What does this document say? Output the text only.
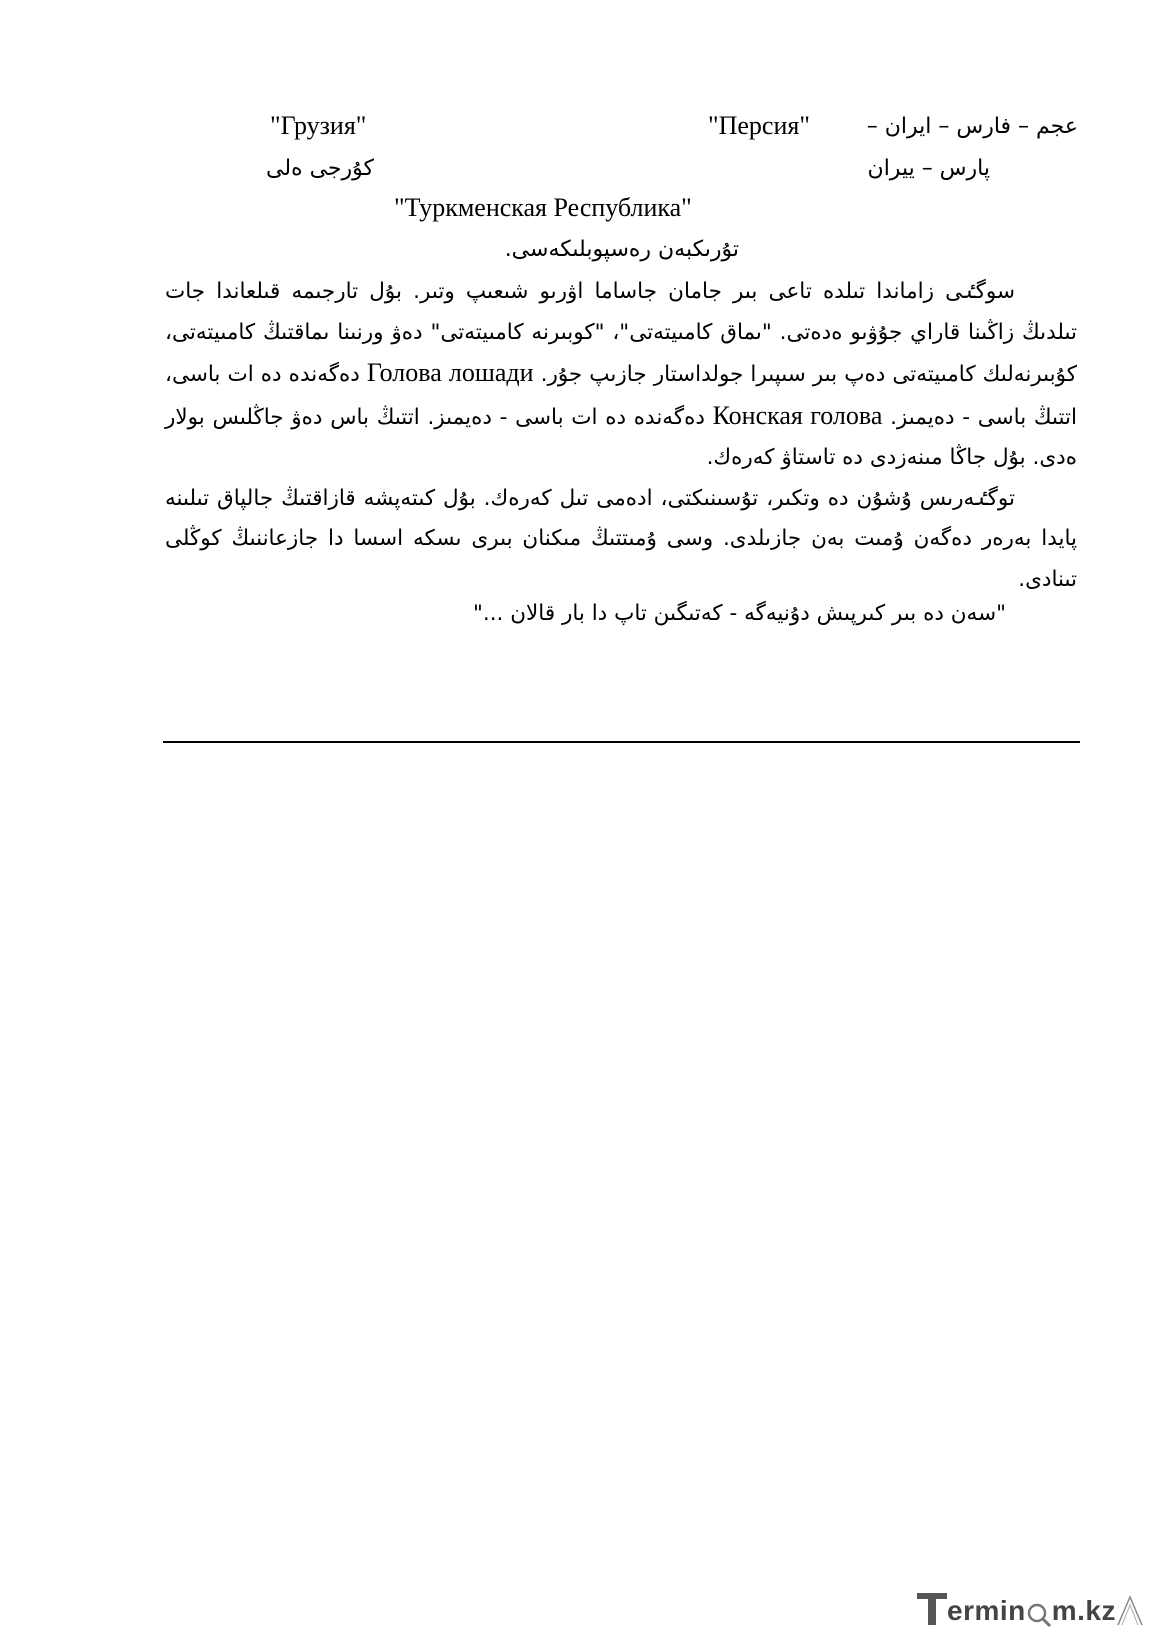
"Персия"	عجم – فارس – ایران –
"Грузия"
پارس – ییران
كۇرجی ەلی
"Туркменская Республика"
تۇرىكبەن رەسپوبلىكەسى.

سوگٸى زاماندا تىلدە تاعى بىر جامان جاساما اۋرىو شىعىپ وتىر. بۇل تارجىمە قىلعاندا جات تىلدىڭ زاڭىنا قاراي جۇۋىو ەدەتى. "ىماق كامىيتەتى"، "كوبىرنە كامىيتەتى" دەۋ ورنىنا ىماقتىڭ كامىيتەتى، كۇبىرنەلىك كامىيتەتى دەپ بىر سىپىرا جولداستار جازىپ جۇر. Голова лошади دەگەندە دە ات باسى، اتتىڭ باسى - دەيمىز. Конская голова دەگەندە دە ات باسى - دەيمىز. اتتىڭ باس دەۋ جاڭلىس بولار ەدى. بۇل جاڭا مىنەزدى دە تاستاۋ كەرەك.

توگٸەرىس ۇشۇن دە وتكىر، تۇسىنىكتى، ادەمى تىل كەرەك. بۇل كىتەپشە قازاقتىڭ جالپاق تىلىنە پايدا بەرەر دەگەن ۇمىت بەن جازىلدى. وسى ۇمىتتىڭ مىكنان بىرى ىسكە اسسا دا جازعاننىڭ كوڭلى تىنادى.

"سەن دە بىر كىرپىش دۇنيەگە - كەتىگىن تاپ دا بار قالان ..."
ermin m.kz
